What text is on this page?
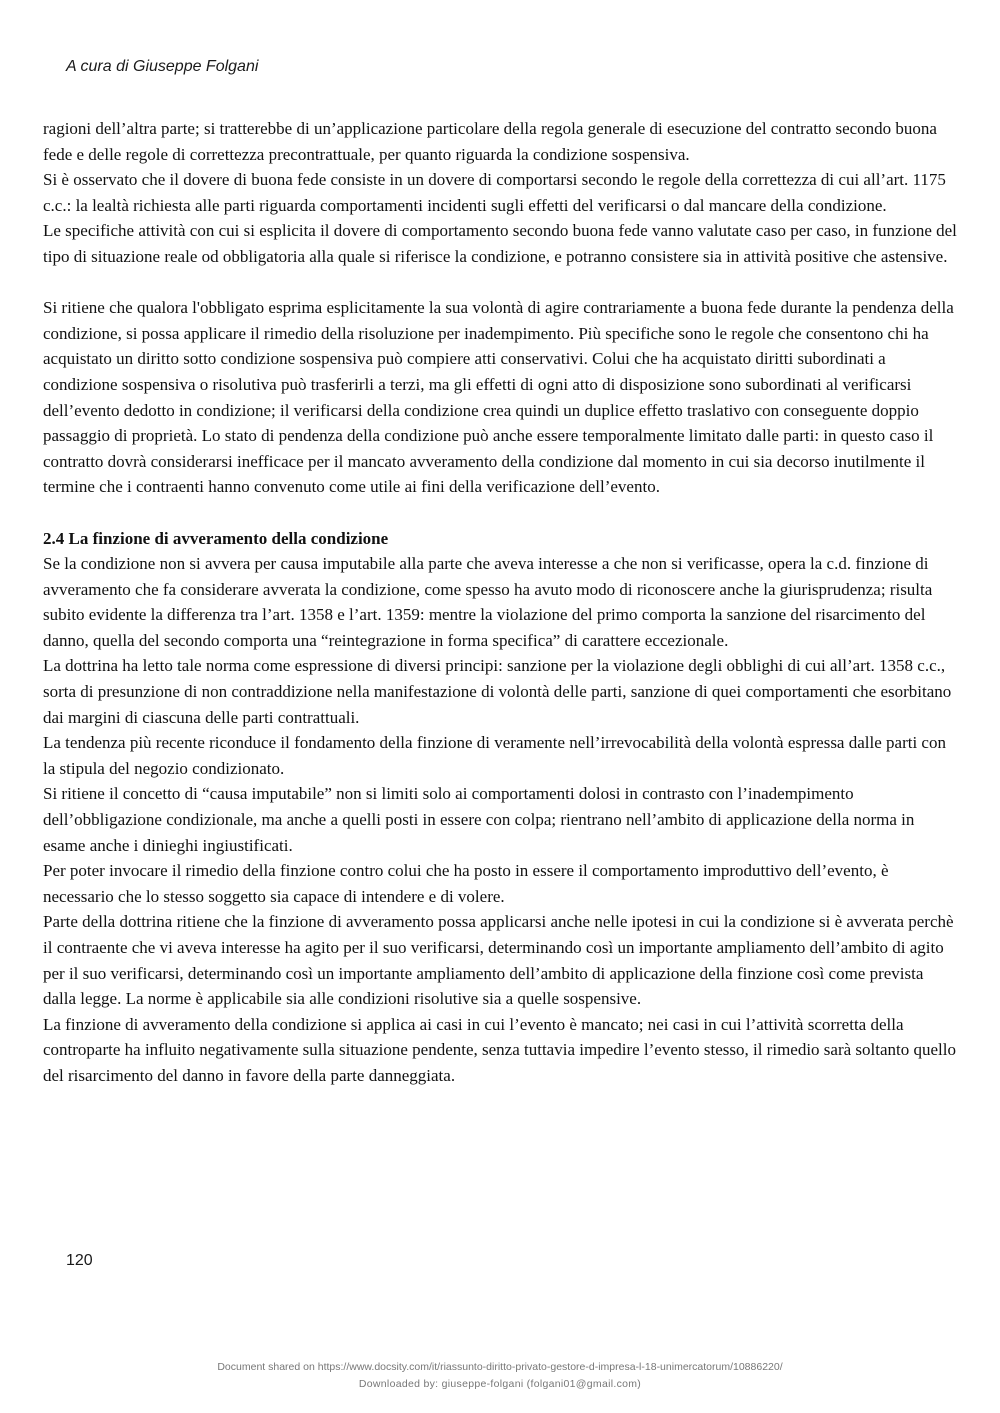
A cura di Giuseppe Folgani

ragioni dell’altra parte; si tratterebbe di un’applicazione particolare della regola generale di esecuzione del contratto secondo buona fede e delle regole di correttezza precontrattuale, per quanto riguarda la condizione sospensiva.

Si è osservato che il dovere di buona fede consiste in un dovere di comportarsi secondo le regole della correttezza di cui all’art. 1175 c.c.: la lealtà richiesta alle parti riguarda comportamenti incidenti sugli effetti del verificarsi o dal mancare della condizione.

Le specifiche attività con cui si esplicita il dovere di comportamento secondo buona fede vanno valutate caso per caso, in funzione del tipo di situazione reale od obbligatoria alla quale si riferisce la condizione, e potranno consistere sia in attività positive che astensive.

Si ritiene che qualora l'obbligato esprima esplicitamente la sua volontà di agire contrariamente a buona fede durante la pendenza della condizione, si possa applicare il rimedio della risoluzione per inadempimento. Più specifiche sono le regole che consentono chi ha acquistato un diritto sotto condizione sospensiva può compiere atti conservativi. Colui che ha acquistato diritti subordinati a condizione sospensiva o risolutiva può trasferirli a terzi, ma gli effetti di ogni atto di disposizione sono subordinati al verificarsi dell’evento dedotto in condizione; il verificarsi della condizione crea quindi un duplice effetto traslativo con conseguente doppio passaggio di proprietà. Lo stato di pendenza della condizione può anche essere temporalmente limitato dalle parti: in questo caso il contratto dovrà considerarsi inefficace per il mancato avveramento della condizione dal momento in cui sia decorso inutilmente il termine che i contraenti hanno convenuto come utile ai fini della verificazione dell’evento.

2.4 La finzione di avveramento della condizione

Se la condizione non si avvera per causa imputabile alla parte che aveva interesse a che non si verificasse, opera la c.d. finzione di avveramento che fa considerare avverata la condizione, come spesso ha avuto modo di riconoscere anche la giurisprudenza; risulta subito evidente la differenza tra l’art. 1358 e l’art. 1359: mentre la violazione del primo comporta la sanzione del risarcimento del danno, quella del secondo comporta una “reintegrazione in forma specifica” di carattere eccezionale.

La dottrina ha letto tale norma come espressione di diversi principi: sanzione per la violazione degli obblighi di cui all’art. 1358 c.c., sorta di presunzione di non contraddizione nella manifestazione di volontà delle parti, sanzione di quei comportamenti che esorbitano dai margini di ciascuna delle parti contrattuali.

La tendenza più recente riconduce il fondamento della finzione di veramente nell’irrevocabilità della volontà espressa dalle parti con la stipula del negozio condizionato.

Si ritiene il concetto di “causa imputabile” non si limiti solo ai comportamenti dolosi in contrasto con l’inadempimento dell’obbligazione condizionale, ma anche a quelli posti in essere con colpa; rientrano nell’ambito di applicazione della norma in esame anche i dinieghi ingiustificati.

Per poter invocare il rimedio della finzione contro colui che ha posto in essere il comportamento improduttivo dell’evento, è necessario che lo stesso soggetto sia capace di intendere e di volere.

Parte della dottrina ritiene che la finzione di avveramento possa applicarsi anche nelle ipotesi in cui la condizione si è avverata perchè il contraente che vi aveva interesse ha agito per il suo verificarsi, determinando così un importante ampliamento dell’ambito di agito per il suo verificarsi, determinando così un importante ampliamento dell’ambito di applicazione della finzione così come prevista dalla legge. La norme è applicabile sia alle condizioni risolutive sia a quelle sospensive.

La finzione di avveramento della condizione si applica ai casi in cui l’evento è mancato; nei casi in cui l’attività scorretta della controparte ha influito negativamente sulla situazione pendente, senza tuttavia impedire l’evento stesso, il rimedio sarà soltanto quello del risarcimento del danno in favore della parte danneggiata.

120
Document shared on https://www.docsity.com/it/riassunto-diritto-privato-gestore-d-impresa-l-18-unimercatorum/10886220/
Downloaded by: giuseppe-folgani (folgani01@gmail.com)
